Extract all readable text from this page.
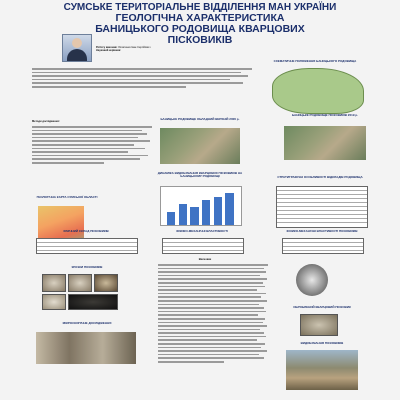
СУМСЬКЕ ТЕРИТОРІАЛЬНЕ ВІДДІЛЕННЯ МАН УКРАЇНИ
ГЕОЛОГІЧНА ХАРАКТЕРИСТИКА
БАНИЦЬКОГО РОДОВИЩА КВАРЦОВИХ
ПІСКОВИКІВ
Роботу виконав: Лопатенко Іван Сергійович
Науковий керівник:
СХЕМАТИЧНЕ ПОЛОЖЕННЯ БАНИЦЬКОГО РОДОВИЩА
Методи дослідження:
БАНИЦЬКЕ РОДОВИЩЕ ОБЛАДНИЙ ВЕРХНІЙ 2006 р.
БАНИЦЬКЕ РОДОВИЩЕ ПІСКОВИКІВ 2019 р.
ГЕОЛОГІЧНА КАРТА СУМСЬКОЇ ОБЛАСТІ
ДИНАМІКА ВИДОБУВАННЯ КВАРЦОВИХ ПІСКОВИКІВ НА БАНИЦЬКОМУ РОДОВИЩІ	СТРАТИГРАФІЧНІ ОСОБЛИВОСТІ ВІДКЛАДІВ РОДОВИЩА
ХІМІЧНИЙ СКЛАД ПІСКОВИКІВ	ФІЗИКО-МЕХАНІЧНІ ВЛАСТИВОСТІ	ФІЗИКО-МЕХАНІЧНІ ВЛАСТИВОСТІ ПІСКОВИКІВ
Висновки
ЗРАЗКИ ПІСКОВИКІВ
МІКРОСКОПІЧНЕ ДОСЛІДЖЕННЯ
ОБРОБЛЕНИЙ КВАРЦОВИЙ ПІСКОВИК
ВИДОБУВАННЯ ПІСКОВИКІВ
